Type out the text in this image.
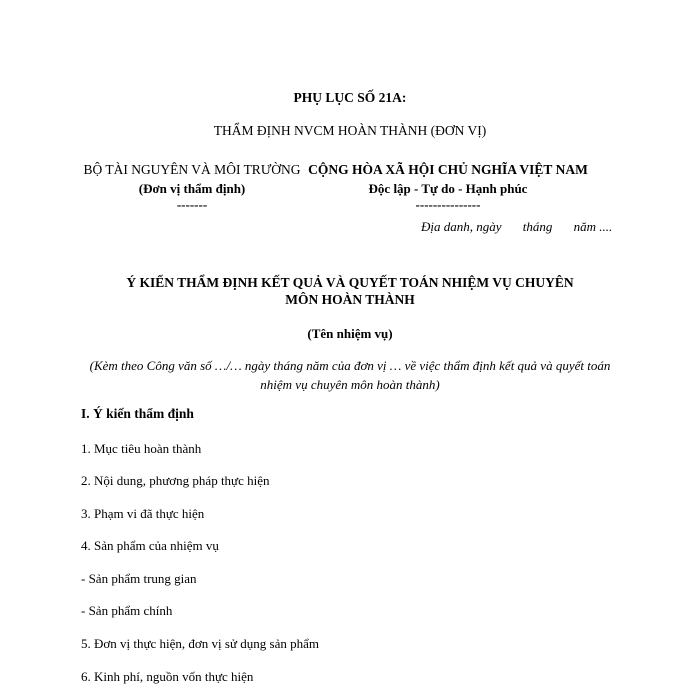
PHỤ LỤC SỐ 21A:
THẨM ĐỊNH NVCM HOÀN THÀNH (ĐƠN VỊ)
BỘ TÀI NGUYÊN VÀ MÔI TRƯỜNG
(Đơn vị thẩm định)
-------
CỘNG HÒA XÃ HỘI CHỦ NGHĨA VIỆT NAM
Độc lập - Tự do - Hạnh phúc
---------------
Địa danh, ngày tháng năm ....
Ý KIẾN THẨM ĐỊNH KẾT QUẢ VÀ QUYẾT TOÁN NHIỆM VỤ CHUYÊN MÔN HOÀN THÀNH
(Tên nhiệm vụ)
(Kèm theo Công văn số …/… ngày tháng năm của đơn vị … về việc thẩm định kết quả và quyết toán nhiệm vụ chuyên môn hoàn thành)
I. Ý kiến thẩm định
1. Mục tiêu hoàn thành
2. Nội dung, phương pháp thực hiện
3. Phạm vi đã thực hiện
4. Sản phẩm của nhiệm vụ
- Sản phẩm trung gian
- Sản phẩm chính
5. Đơn vị thực hiện, đơn vị sử dụng sản phẩm
6. Kinh phí, nguồn vốn thực hiện
